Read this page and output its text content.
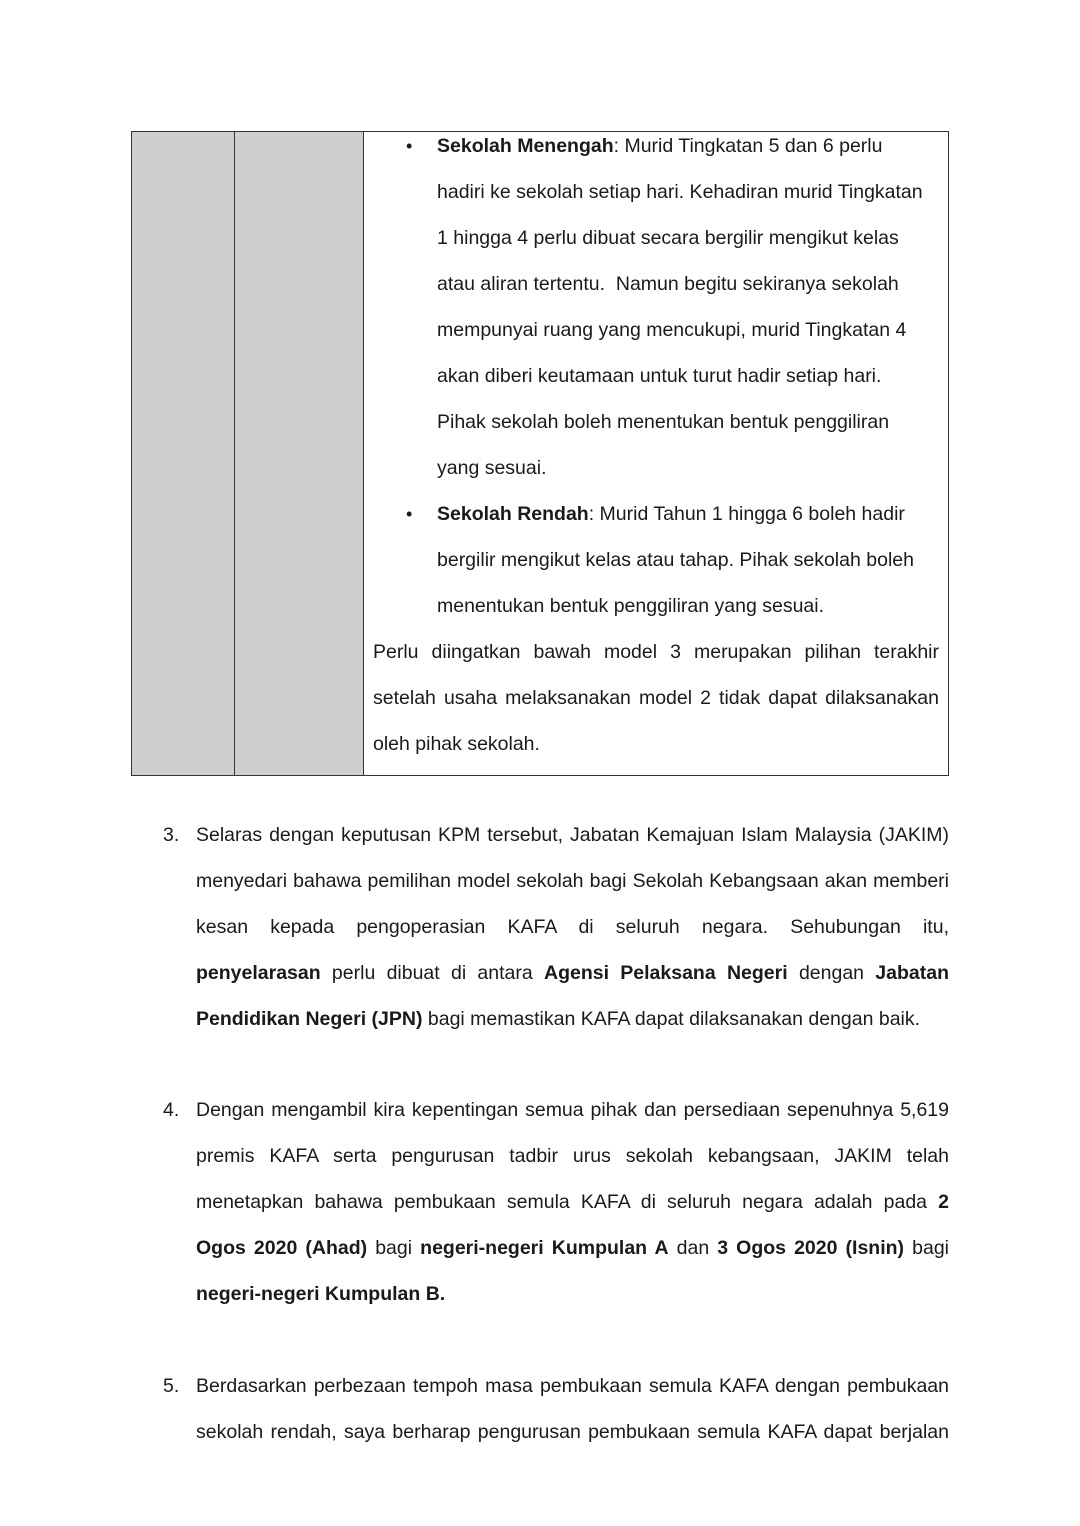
• Sekolah Menengah: Murid Tingkatan 5 dan 6 perlu
hadiri ke sekolah setiap hari. Kehadiran murid Tingkatan
1 hingga 4 perlu dibuat secara bergilir mengikut kelas
atau aliran tertentu.  Namun begitu sekiranya sekolah
mempunyai ruang yang mencukupi, murid Tingkatan 4
akan diberi keutamaan untuk turut hadir setiap hari.
Pihak sekolah boleh menentukan bentuk penggiliran
yang sesuai.
• Sekolah Rendah: Murid Tahun 1 hingga 6 boleh hadir
bergilir mengikut kelas atau tahap. Pihak sekolah boleh
menentukan bentuk penggiliran yang sesuai.
Perlu diingatkan bawah model 3 merupakan pilihan terakhir
setelah usaha melaksanakan model 2 tidak dapat dilaksanakan
oleh pihak sekolah.
3. Selaras dengan keputusan KPM tersebut, Jabatan Kemajuan Islam Malaysia (JAKIM)
menyedari bahawa pemilihan model sekolah bagi Sekolah Kebangsaan akan memberi
kesan kepada pengoperasian KAFA di seluruh negara. Sehubungan itu,
penyelarasan perlu dibuat di antara Agensi Pelaksana Negeri dengan Jabatan
Pendidikan Negeri (JPN) bagi memastikan KAFA dapat dilaksanakan dengan baik.
4. Dengan mengambil kira kepentingan semua pihak dan persediaan sepenuhnya 5,619
premis KAFA serta pengurusan tadbir urus sekolah kebangsaan, JAKIM telah
menetapkan bahawa pembukaan semula KAFA di seluruh negara adalah pada 2
Ogos 2020 (Ahad) bagi negeri-negeri Kumpulan A dan 3 Ogos 2020 (Isnin) bagi
negeri-negeri Kumpulan B.
5. Berdasarkan perbezaan tempoh masa pembukaan semula KAFA dengan pembukaan
sekolah rendah, saya berharap pengurusan pembukaan semula KAFA dapat berjalan
